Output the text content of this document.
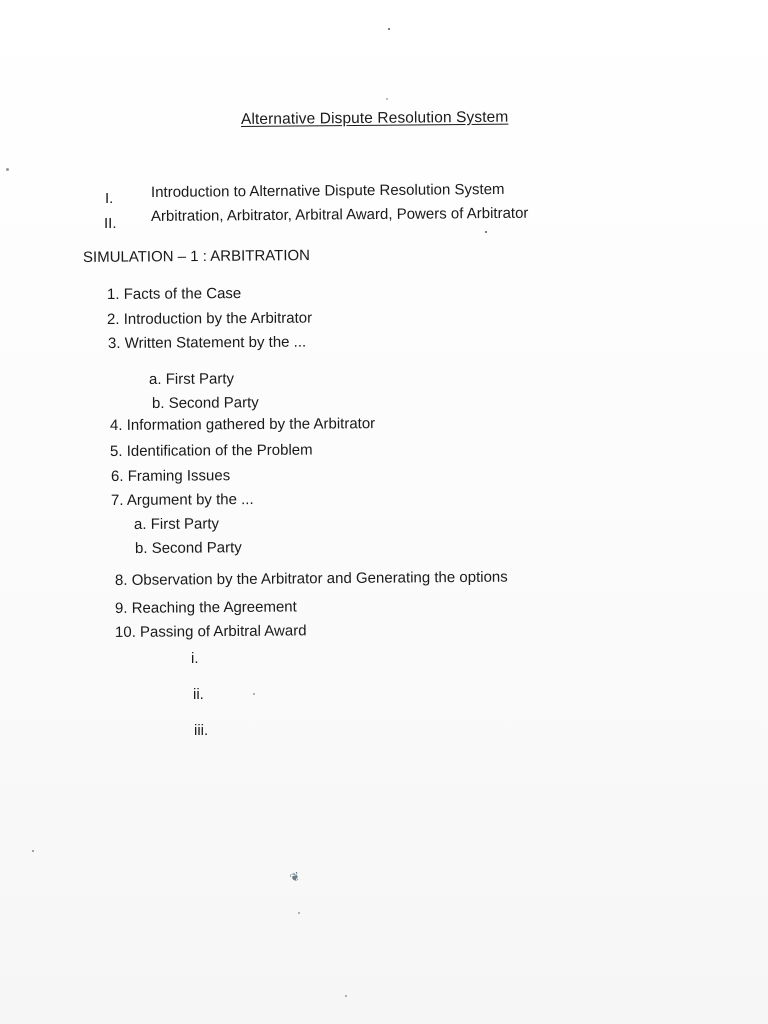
Alternative Dispute Resolution System
I.	Introduction to Alternative Dispute Resolution System
II. Arbitration, Arbitrator, Arbitral Award, Powers of Arbitrator
SIMULATION – 1 : ARBITRATION
1. Facts of the Case
2. Introduction by the Arbitrator
3. Written Statement by the ...
a. First Party
b. Second Party
4. Information gathered by the Arbitrator
5. Identification of the Problem
6. Framing Issues
7. Argument by the ...
a. First Party
b. Second Party
8. Observation by the Arbitrator and Generating the options
9. Reaching the Agreement
10. Passing of Arbitral Award
i.
ii.
iii.
❦
